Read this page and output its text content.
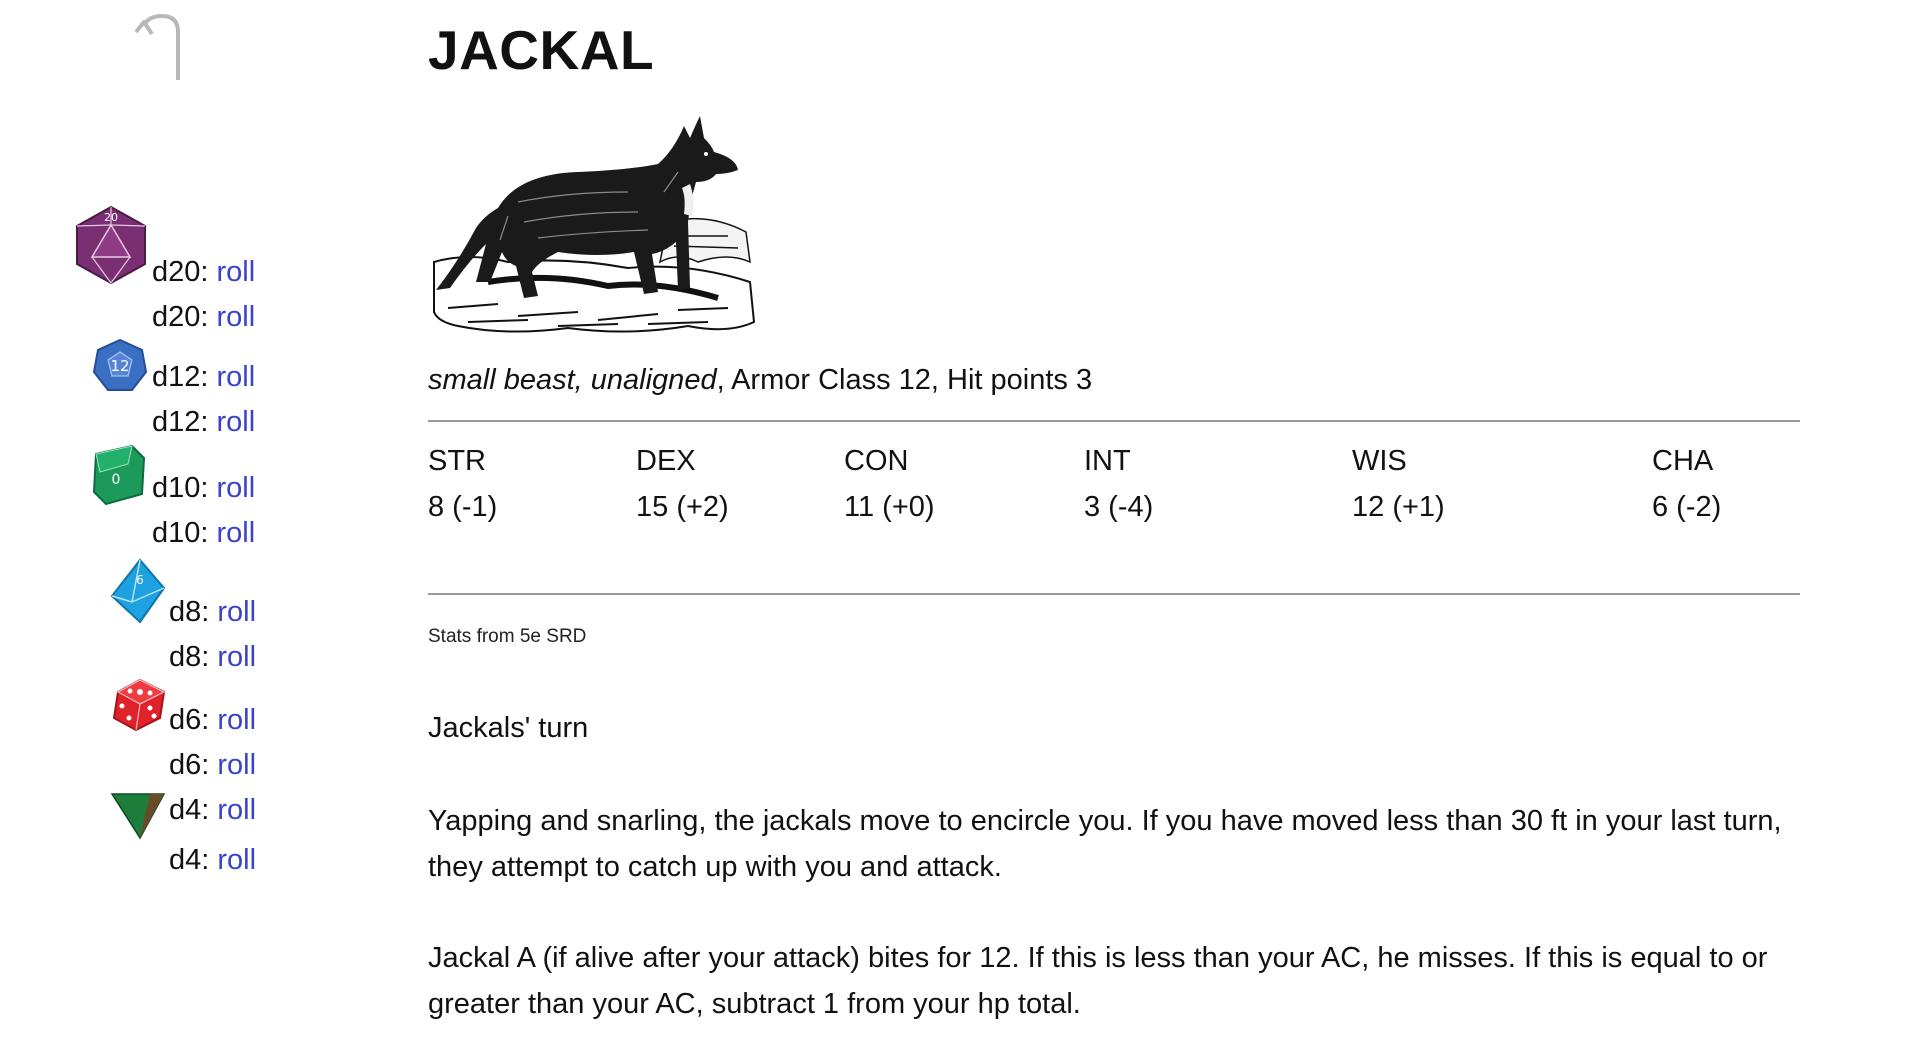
20
d20: roll
d20: roll
12 d12: roll
d12: roll
0 d10: roll
d10: roll
6
d8: roll
d8: roll
d6: roll
d6: roll
d4: roll
d4: roll
JACKAL
small beast, unaligned, Armor Class 12, Hit points 3
STR
8 (-1)
DEX
15 (+2)
CON
11 (+0)
INT
3 (-4)
WIS
12 (+1)
CHA
6 (-2)
Stats from 5e SRD
Jackals' turn

Yapping and snarling, the jackals move to encircle you. If you have moved less than 30 ft in your last turn, they attempt to catch up with you and attack.

Jackal A (if alive after your attack) bites for 12. If this is less than your AC, he misses. If this is equal to or greater than your AC, subtract 1 from your hp total.
